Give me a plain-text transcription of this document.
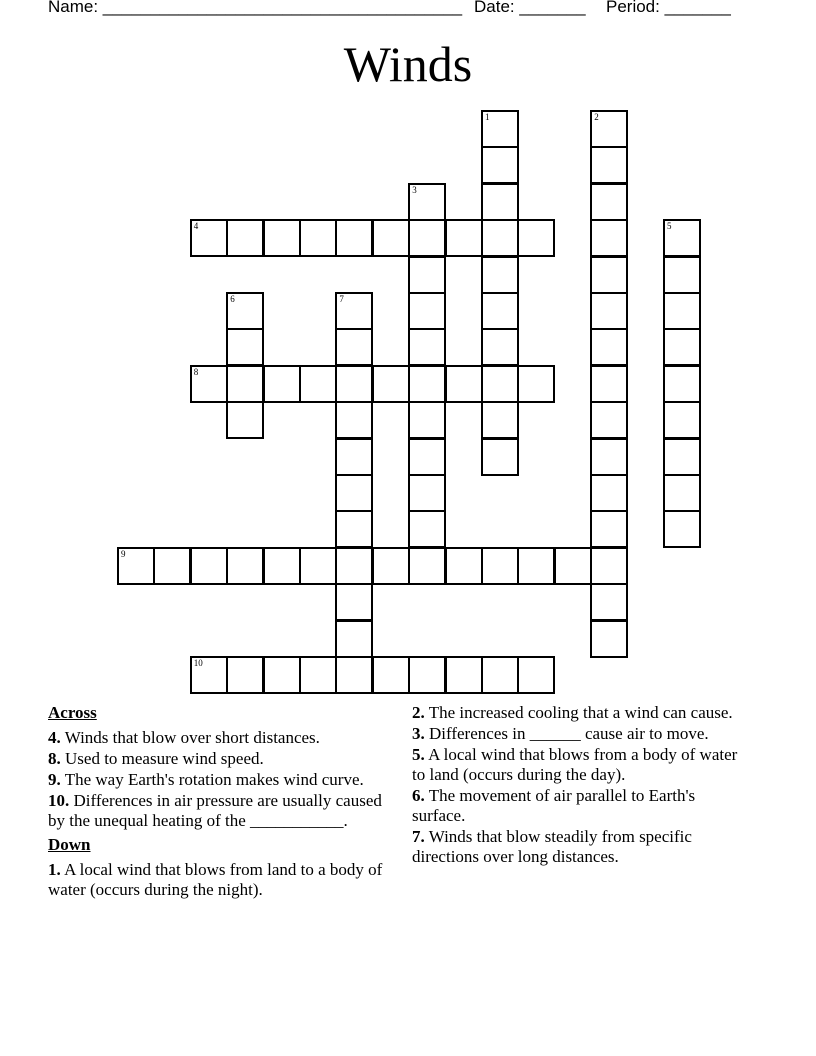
Name: ______________________________________ Date: _______ Period: _______
Winds
1	2
3
4	5
6	7
8
9
10
Across
4. Winds that blow over short distances.
8. Used to measure wind speed.
9. The way Earth's rotation makes wind curve.
10. Differences in air pressure are usually caused by the unequal heating of the ___________.
Down
1. A local wind that blows from land to a body of water (occurs during the night).
2. The increased cooling that a wind can cause.
3. Differences in ______ cause air to move.
5. A local wind that blows from a body of water to land (occurs during the day).
6. The movement of air parallel to Earth's surface.
7. Winds that blow steadily from specific directions over long distances.
